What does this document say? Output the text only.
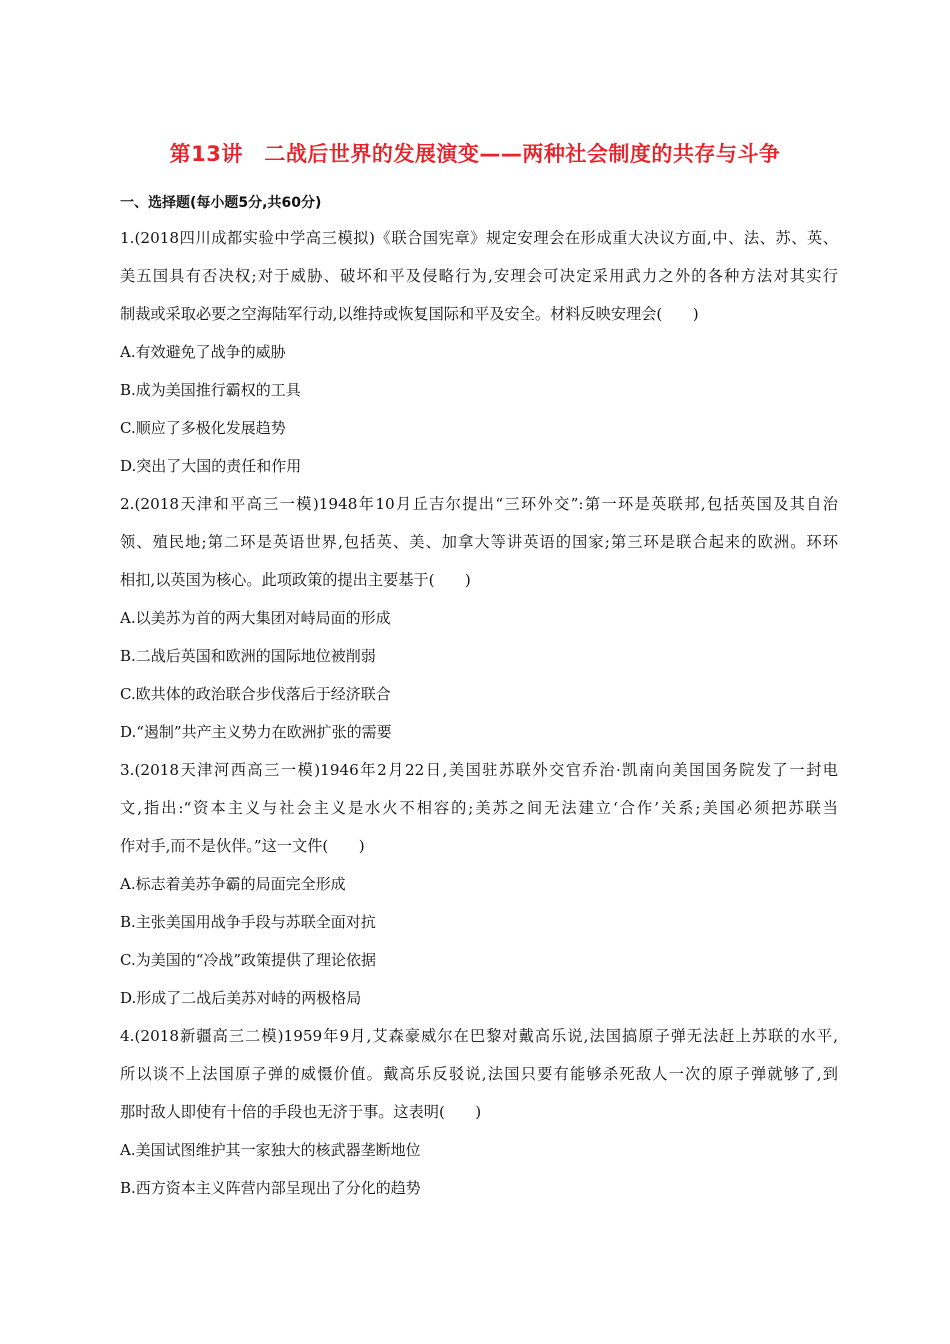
第13讲　二战后世界的发展演变——两种社会制度的共存与斗争
一、选择题(每小题5分,共60分)
1.(2018四川成都实验中学高三模拟)《联合国宪章》规定安理会在形成重大决议方面,中、法、苏、英、
美五国具有否决权;对于威胁、破坏和平及侵略行为,安理会可决定采用武力之外的各种方法对其实行
制裁或采取必要之空海陆军行动,以维持或恢复国际和平及安全。材料反映安理会(　　)
A.有效避免了战争的威胁
B.成为美国推行霸权的工具
C.顺应了多极化发展趋势
D.突出了大国的责任和作用
2.(2018天津和平高三一模)1948年10月丘吉尔提出“三环外交”:第一环是英联邦,包括英国及其自治
领、殖民地;第二环是英语世界,包括英、美、加拿大等讲英语的国家;第三环是联合起来的欧洲。环环
相扣,以英国为核心。此项政策的提出主要基于(　　)
A.以美苏为首的两大集团对峙局面的形成
B.二战后英国和欧洲的国际地位被削弱
C.欧共体的政治联合步伐落后于经济联合
D.“遏制”共产主义势力在欧洲扩张的需要
3.(2018天津河西高三一模)1946年2月22日,美国驻苏联外交官乔治·凯南向美国国务院发了一封电
文,指出:“资本主义与社会主义是水火不相容的;美苏之间无法建立‘合作’关系;美国必须把苏联当
作对手,而不是伙伴。”这一文件(　　)
A.标志着美苏争霸的局面完全形成
B.主张美国用战争手段与苏联全面对抗
C.为美国的“冷战”政策提供了理论依据
D.形成了二战后美苏对峙的两极格局
4.(2018新疆高三二模)1959年9月,艾森豪威尔在巴黎对戴高乐说,法国搞原子弹无法赶上苏联的水平,
所以谈不上法国原子弹的威慑价值。戴高乐反驳说,法国只要有能够杀死敌人一次的原子弹就够了,到
那时敌人即使有十倍的手段也无济于事。这表明(　　)
A.美国试图维护其一家独大的核武器垄断地位
B.西方资本主义阵营内部呈现出了分化的趋势
